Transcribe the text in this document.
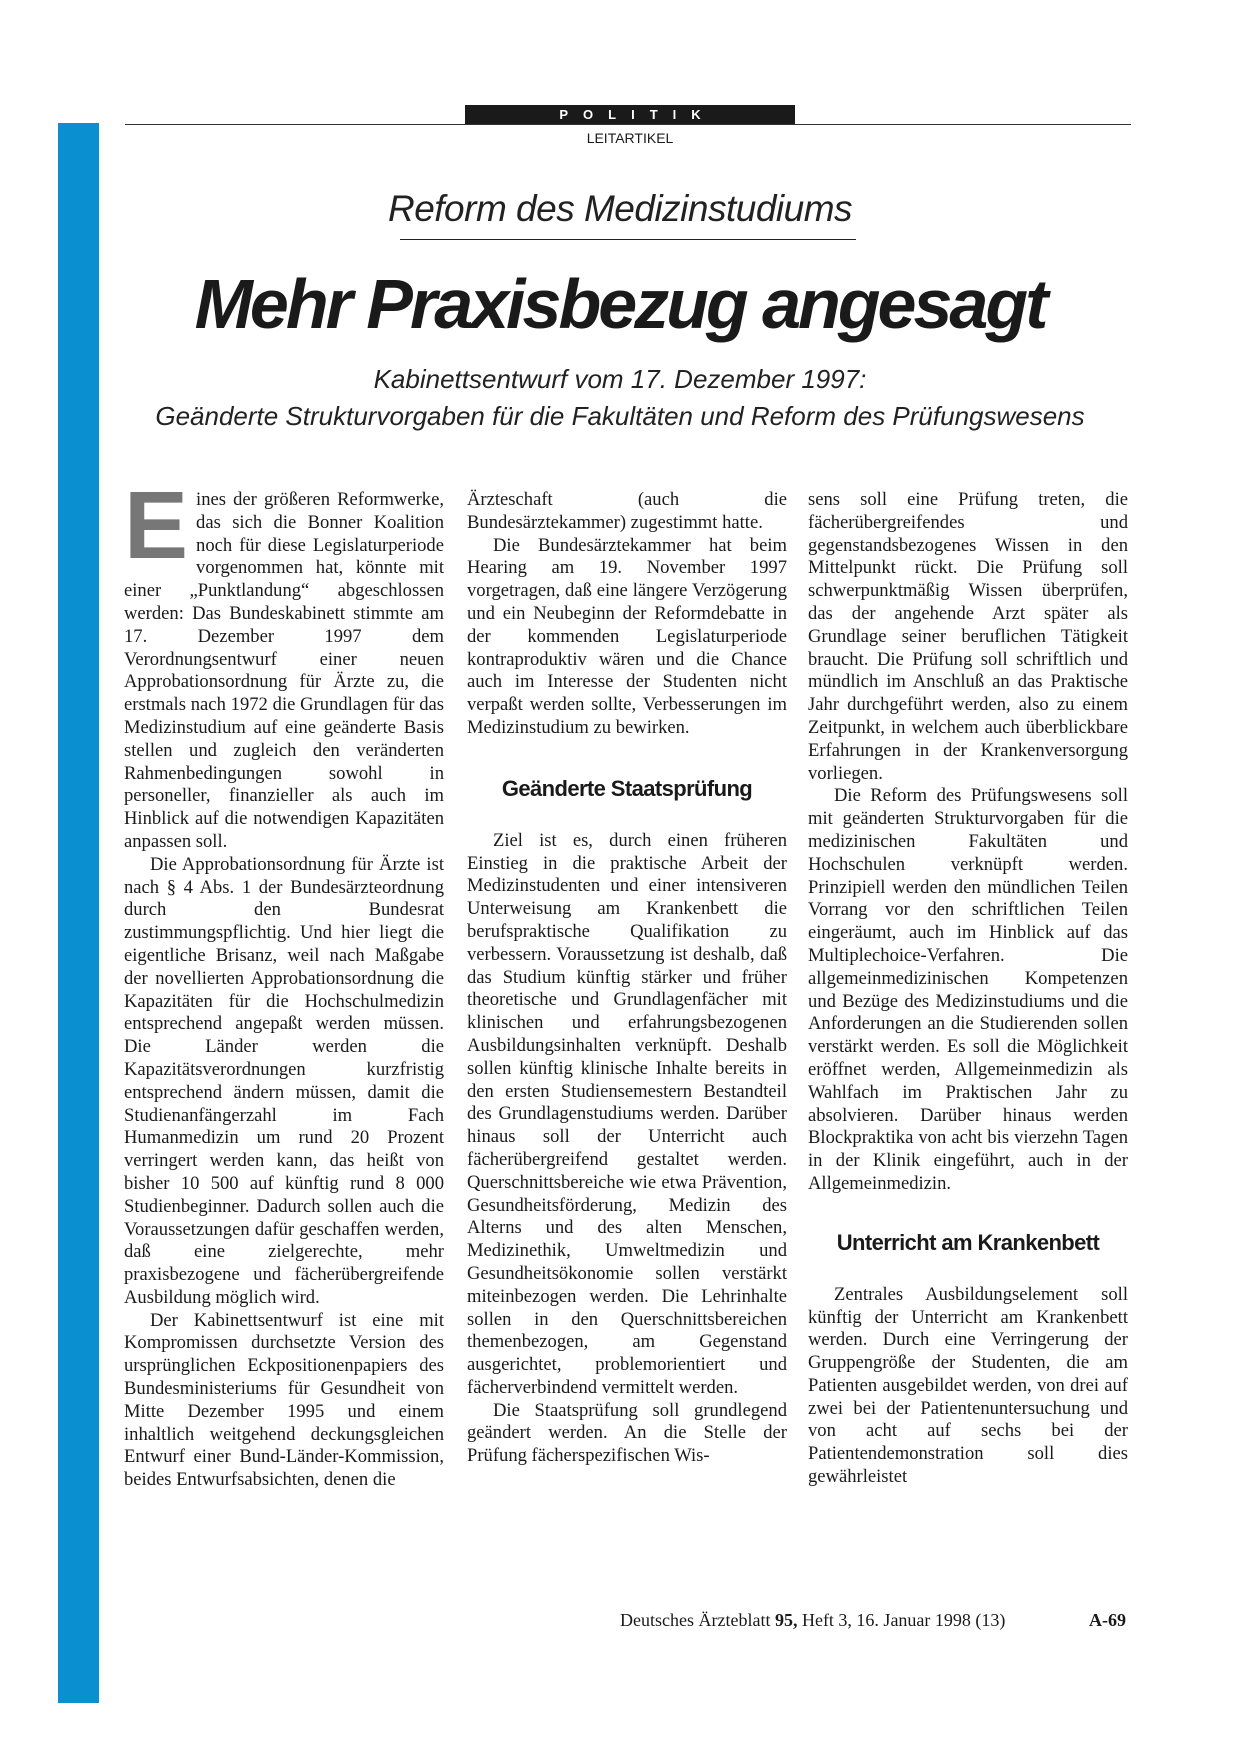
POLITIK
LEITARTIKEL
Reform des Medizinstudiums
Mehr Praxisbezug angesagt
Kabinettsentwurf vom 17. Dezember 1997:
Geänderte Strukturvorgaben für die Fakultäten und Reform des Prüfungswesens

Eines der größeren Reformwerke, das sich die Bonner Koalition noch für diese Legislaturperiode vorgenommen hat, könnte mit einer „Punktlandung“ abgeschlossen werden: Das Bundeskabinett stimmte am 17. Dezember 1997 dem Verordnungsentwurf einer neuen Approbationsordnung für Ärzte zu, die erstmals nach 1972 die Grundlagen für das Medizinstudium auf eine geänderte Basis stellen und zugleich den veränderten Rahmenbedingungen sowohl in personeller, finanzieller als auch im Hinblick auf die notwendigen Kapazitäten anpassen soll.

Die Approbationsordnung für Ärzte ist nach § 4 Abs. 1 der Bundesärzteordnung durch den Bundesrat zustimmungspflichtig. Und hier liegt die eigentliche Brisanz, weil nach Maßgabe der novellierten Approbationsordnung die Kapazitäten für die Hochschulmedizin entsprechend angepaßt werden müssen. Die Länder werden die Kapazitätsverordnungen kurzfristig entsprechend ändern müssen, damit die Studienanfängerzahl im Fach Humanmedizin um rund 20 Prozent verringert werden kann, das heißt von bisher 10 500 auf künftig rund 8 000 Studienbeginner. Dadurch sollen auch die Voraussetzungen dafür geschaffen werden, daß eine zielgerechte, mehr praxisbezogene und fächerübergreifende Ausbildung möglich wird.

Der Kabinettsentwurf ist eine mit Kompromissen durchsetzte Version des ursprünglichen Eckpositionenpapiers des Bundesministeriums für Gesundheit von Mitte Dezember 1995 und einem inhaltlich weitgehend deckungsgleichen Entwurf einer Bund-Länder-Kommission, beides Entwurfsabsichten, denen die

Ärzteschaft (auch die Bundesärztekammer) zugestimmt hatte.

Die Bundesärztekammer hat beim Hearing am 19. November 1997 vorgetragen, daß eine längere Verzögerung und ein Neubeginn der Reformdebatte in der kommenden Legislaturperiode kontraproduktiv wären und die Chance auch im Interesse der Studenten nicht verpaßt werden sollte, Verbesserungen im Medizinstudium zu bewirken.

Geänderte Staatsprüfung

Ziel ist es, durch einen früheren Einstieg in die praktische Arbeit der Medizinstudenten und einer intensiveren Unterweisung am Krankenbett die berufspraktische Qualifikation zu verbessern. Voraussetzung ist deshalb, daß das Studium künftig stärker und früher theoretische und Grundlagenfächer mit klinischen und erfahrungsbezogenen Ausbildungsinhalten verknüpft. Deshalb sollen künftig klinische Inhalte bereits in den ersten Studiensemestern Bestandteil des Grundlagenstudiums werden. Darüber hinaus soll der Unterricht auch fächerübergreifend gestaltet werden. Querschnittsbereiche wie etwa Prävention, Gesundheitsförderung, Medizin des Alterns und des alten Menschen, Medizinethik, Umweltmedizin und Gesundheitsökonomie sollen verstärkt miteinbezogen werden. Die Lehrinhalte sollen in den Querschnittsbereichen themenbezogen, am Gegenstand ausgerichtet, problemorientiert und fächerverbindend vermittelt werden.

Die Staatsprüfung soll grundlegend geändert werden. An die Stelle der Prüfung fächerspezifischen Wis-

sens soll eine Prüfung treten, die fächerübergreifendes und gegenstandsbezogenes Wissen in den Mittelpunkt rückt. Die Prüfung soll schwerpunktmäßig Wissen überprüfen, das der angehende Arzt später als Grundlage seiner beruflichen Tätigkeit braucht. Die Prüfung soll schriftlich und mündlich im Anschluß an das Praktische Jahr durchgeführt werden, also zu einem Zeitpunkt, in welchem auch überblickbare Erfahrungen in der Krankenversorgung vorliegen.

Die Reform des Prüfungswesens soll mit geänderten Strukturvorgaben für die medizinischen Fakultäten und Hochschulen verknüpft werden. Prinzipiell werden den mündlichen Teilen Vorrang vor den schriftlichen Teilen eingeräumt, auch im Hinblick auf das Multiplechoice-Verfahren. Die allgemeinmedizinischen Kompetenzen und Bezüge des Medizinstudiums und die Anforderungen an die Studierenden sollen verstärkt werden. Es soll die Möglichkeit eröffnet werden, Allgemeinmedizin als Wahlfach im Praktischen Jahr zu absolvieren. Darüber hinaus werden Blockpraktika von acht bis vierzehn Tagen in der Klinik eingeführt, auch in der Allgemeinmedizin.

Unterricht am Krankenbett

Zentrales Ausbildungselement soll künftig der Unterricht am Krankenbett werden. Durch eine Verringerung der Gruppengröße der Studenten, die am Patienten ausgebildet werden, von drei auf zwei bei der Patientenuntersuchung und von acht auf sechs bei der Patientendemonstration soll dies gewährleistet

Deutsches Ärzteblatt 95, Heft 3, 16. Januar 1998 (13)	A-69
